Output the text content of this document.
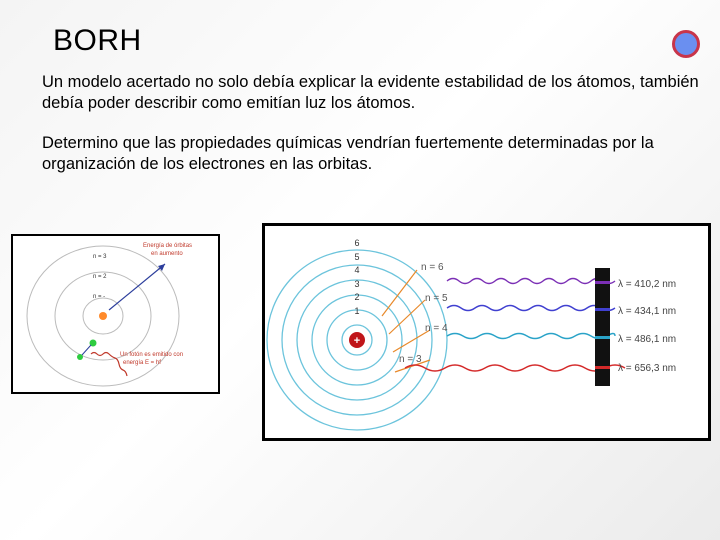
BORH
Un modelo acertado no solo debía explicar la evidente estabilidad de los átomos, también debía poder describir como emitían luz los átomos.
Determino que las propiedades químicas vendrían fuertemente determinadas por la organización de los electrones en las orbitas.
n = 3
n = 2
n = -
Energía de órbitas
en aumento
Un fotón es emitido con
energía E = hf
+
6
5
4
3
2
1
n = 6
n = 5
n = 4
n = 3
λ = 410,2 nm
λ = 434,1 nm
λ = 486,1 nm
λ = 656,3 nm
